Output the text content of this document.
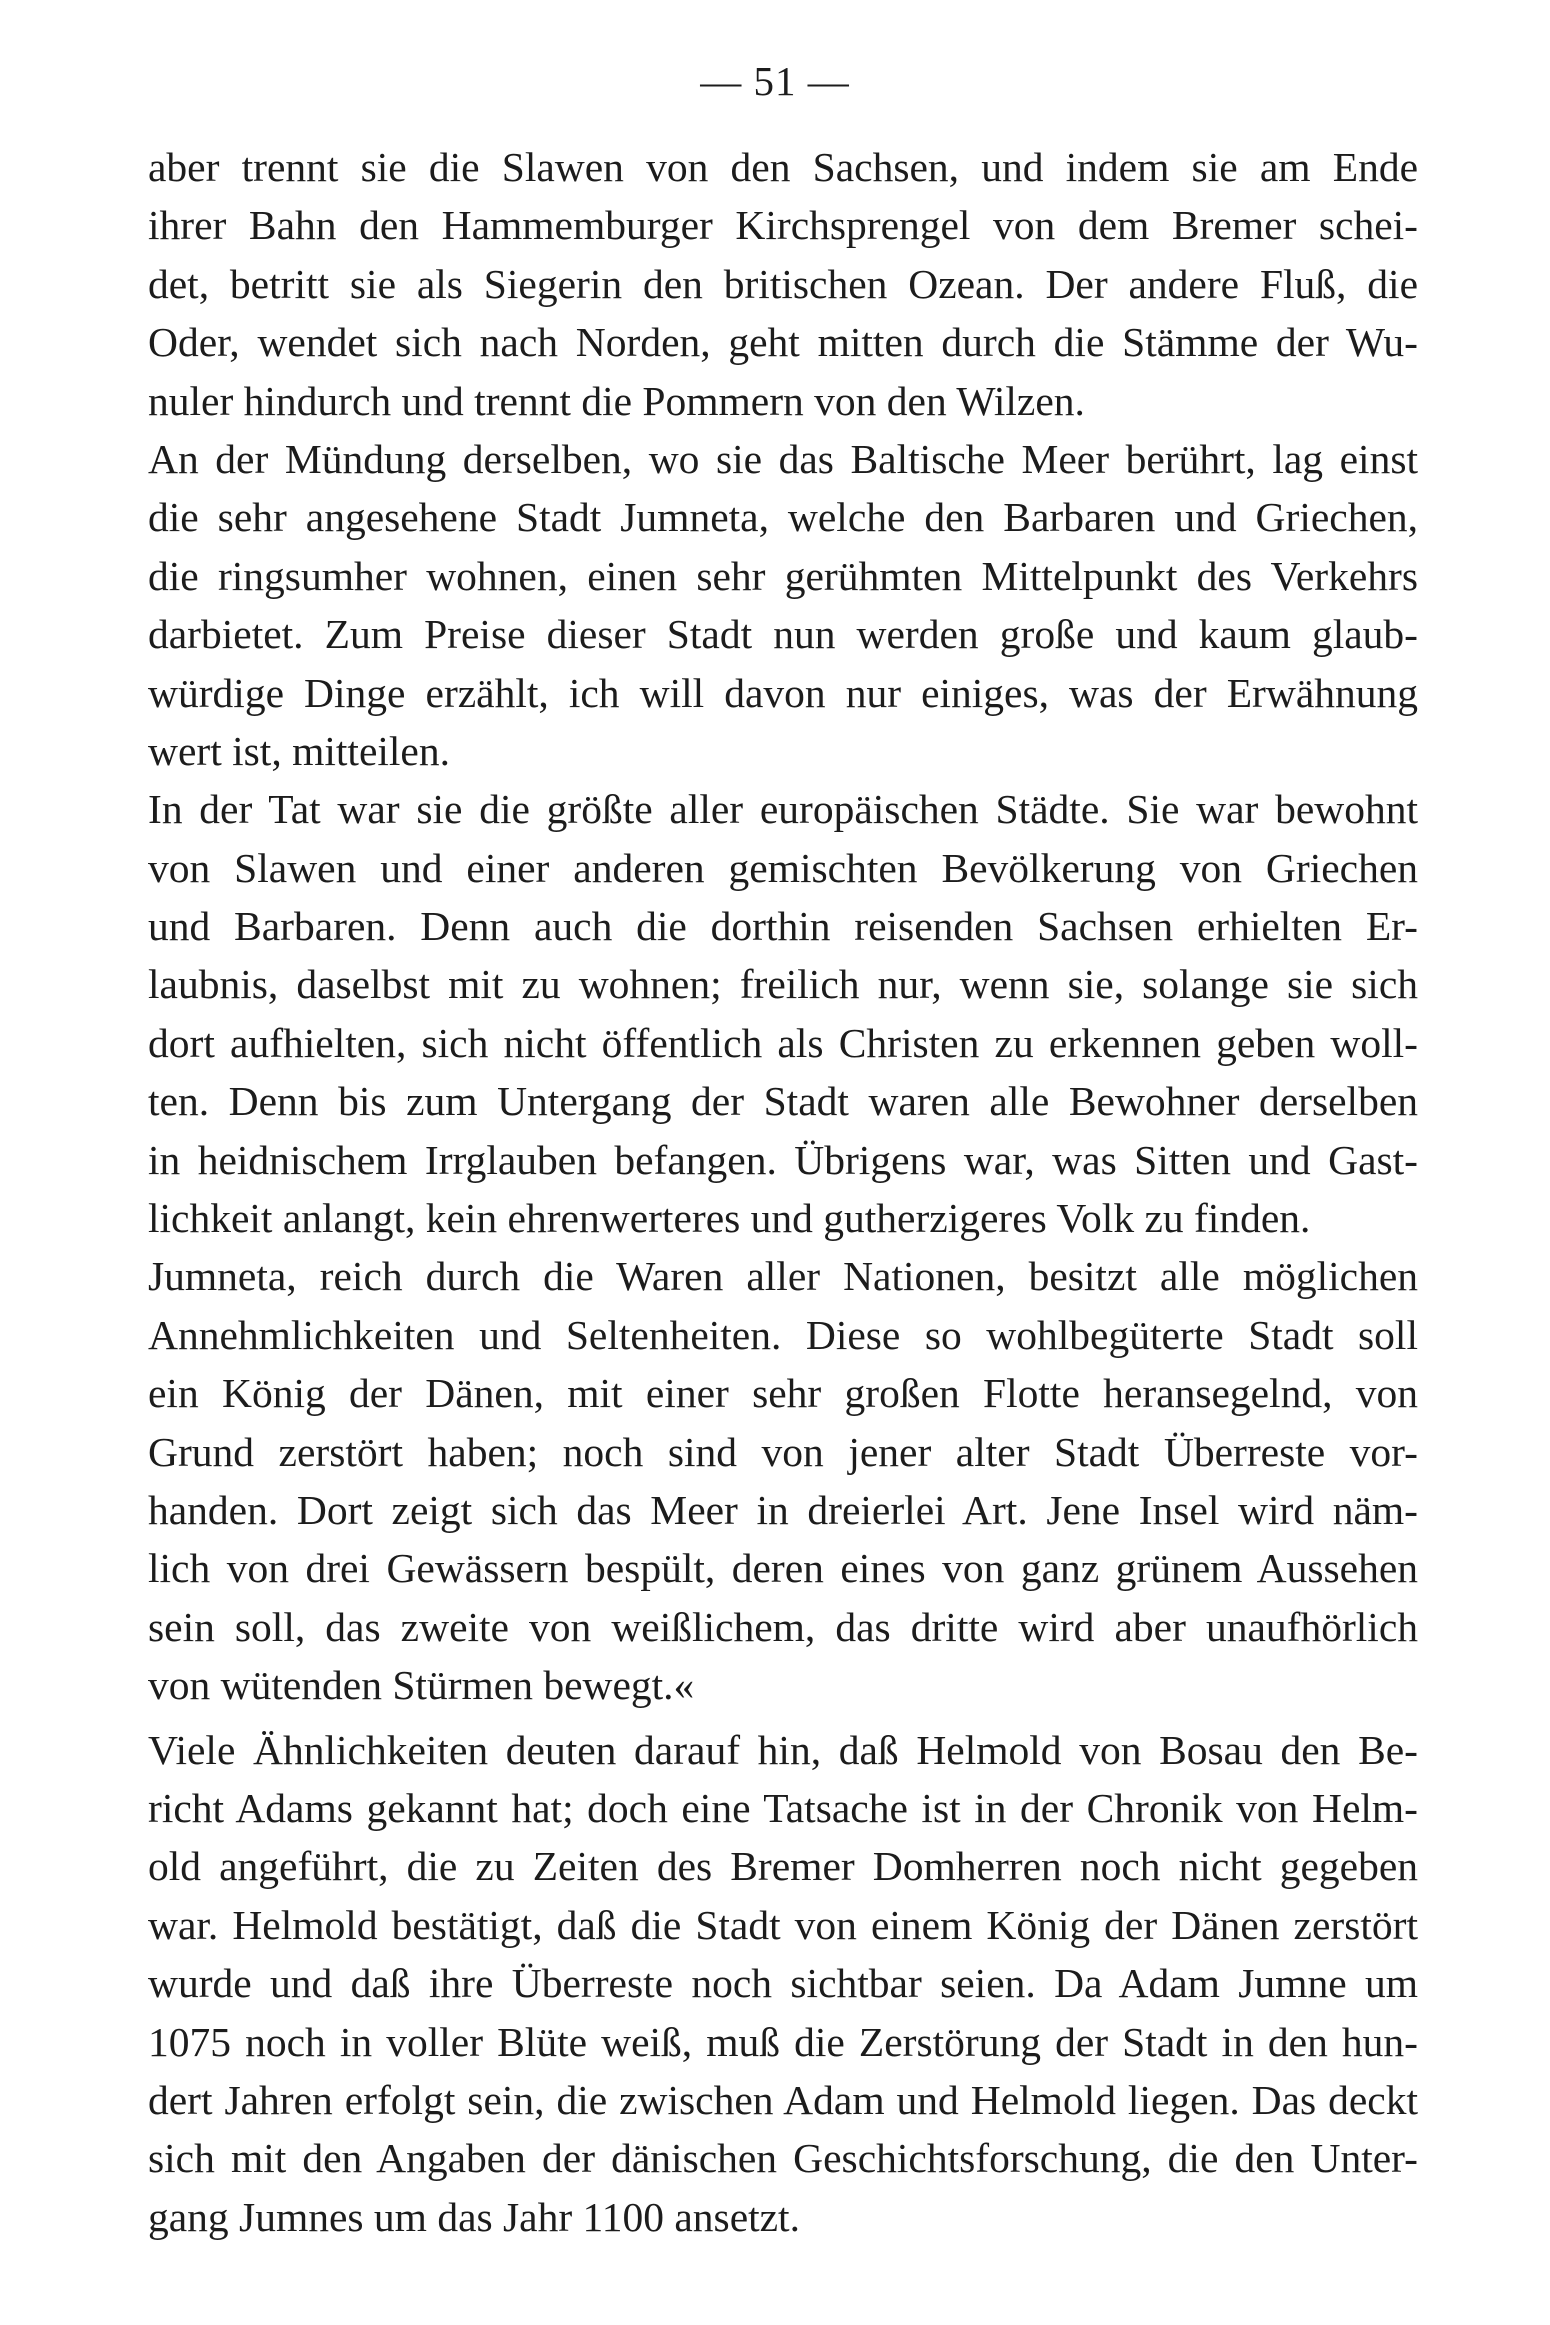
— 51 —
aber trennt sie die Slawen von den Sachsen, und indem sie am Ende
ihrer Bahn den Hammemburger Kirchsprengel von dem Bremer schei-
det, betritt sie als Siegerin den britischen Ozean. Der andere Fluß, die
Oder, wendet sich nach Norden, geht mitten durch die Stämme der Wu-
nuler hindurch und trennt die Pommern von den Wilzen.
An der Mündung derselben, wo sie das Baltische Meer berührt, lag einst
die sehr angesehene Stadt Jumneta, welche den Barbaren und Griechen,
die ringsumher wohnen, einen sehr gerühmten Mittelpunkt des Verkehrs
darbietet. Zum Preise dieser Stadt nun werden große und kaum glaub-
würdige Dinge erzählt, ich will davon nur einiges, was der Erwähnung
wert ist, mitteilen.
In der Tat war sie die größte aller europäischen Städte. Sie war bewohnt
von Slawen und einer anderen gemischten Bevölkerung von Griechen
und Barbaren. Denn auch die dorthin reisenden Sachsen erhielten Er-
laubnis, daselbst mit zu wohnen; freilich nur, wenn sie, solange sie sich
dort aufhielten, sich nicht öffentlich als Christen zu erkennen geben woll-
ten. Denn bis zum Untergang der Stadt waren alle Bewohner derselben
in heidnischem Irrglauben befangen. Übrigens war, was Sitten und Gast-
lichkeit anlangt, kein ehrenwerteres und gutherzigeres Volk zu finden.
Jumneta, reich durch die Waren aller Nationen, besitzt alle möglichen
Annehmlichkeiten und Seltenheiten. Diese so wohlbegüterte Stadt soll
ein König der Dänen, mit einer sehr großen Flotte heransegelnd, von
Grund zerstört haben; noch sind von jener alter Stadt Überreste vor-
handen. Dort zeigt sich das Meer in dreierlei Art. Jene Insel wird näm-
lich von drei Gewässern bespült, deren eines von ganz grünem Aussehen
sein soll, das zweite von weißlichem, das dritte wird aber unaufhörlich
von wütenden Stürmen bewegt.«
Viele Ähnlichkeiten deuten darauf hin, daß Helmold von Bosau den Be-
richt Adams gekannt hat; doch eine Tatsache ist in der Chronik von Helm-
old angeführt, die zu Zeiten des Bremer Domherren noch nicht gegeben
war. Helmold bestätigt, daß die Stadt von einem König der Dänen zerstört
wurde und daß ihre Überreste noch sichtbar seien. Da Adam Jumne um
1075 noch in voller Blüte weiß, muß die Zerstörung der Stadt in den hun-
dert Jahren erfolgt sein, die zwischen Adam und Helmold liegen. Das deckt
sich mit den Angaben der dänischen Geschichtsforschung, die den Unter-
gang Jumnes um das Jahr 1100 ansetzt.
